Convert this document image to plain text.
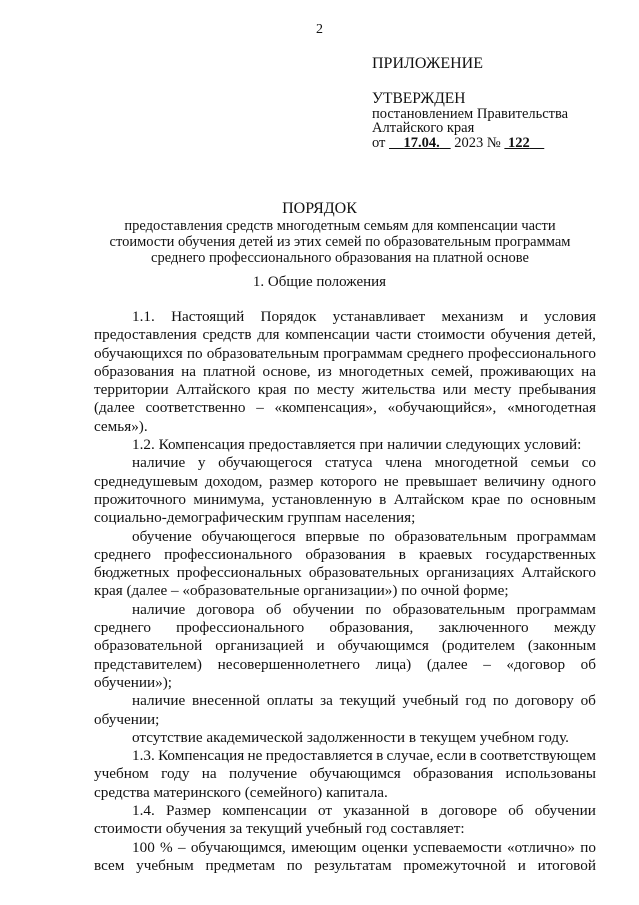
2
ПРИЛОЖЕНИЕ
УТВЕРЖДЕН
постановлением Правительства
Алтайского края
от 17.04. 2023 № 122
ПОРЯДОК
предоставления средств многодетным семьям для компенсации части
стоимости обучения детей из этих семей по образовательным программам
среднего профессионального образования на платной основе
1. Общие положения
1.1. Настоящий Порядок устанавливает механизм и условия
предоставления средств для компенсации части стоимости обучения детей,
обучающихся по образовательным программам среднего профессионального
образования на платной основе, из многодетных семей, проживающих на
территории Алтайского края по месту жительства или месту пребывания
(далее соответственно – «компенсация», «обучающийся», «многодетная
семья»).
1.2. Компенсация предоставляется при наличии следующих условий:
наличие у обучающегося статуса члена многодетной семьи со
среднедушевым доходом, размер которого не превышает величину одного
прожиточного минимума, установленную в Алтайском крае по основным
социально-демографическим группам населения;
обучение обучающегося впервые по образовательным программам
среднего профессионального образования в краевых государственных
бюджетных профессиональных образовательных организациях Алтайского
края (далее – «образовательные организации») по очной форме;
наличие договора об обучении по образовательным программам
среднего профессионального образования, заключенного между
образовательной организацией и обучающимся (родителем (законным
представителем) несовершеннолетнего лица) (далее – «договор об
обучении»);
наличие внесенной оплаты за текущий учебный год по договору об
обучении;
отсутствие академической задолженности в текущем учебном году.
1.3. Компенсация не предоставляется в случае, если в соответствующем
учебном году на получение обучающимся образования использованы
средства материнского (семейного) капитала.
1.4. Размер компенсации от указанной в договоре об обучении
стоимости обучения за текущий учебный год составляет:
100 % – обучающимся, имеющим оценки успеваемости «отлично» по
всем учебным предметам по результатам промежуточной и итоговой
